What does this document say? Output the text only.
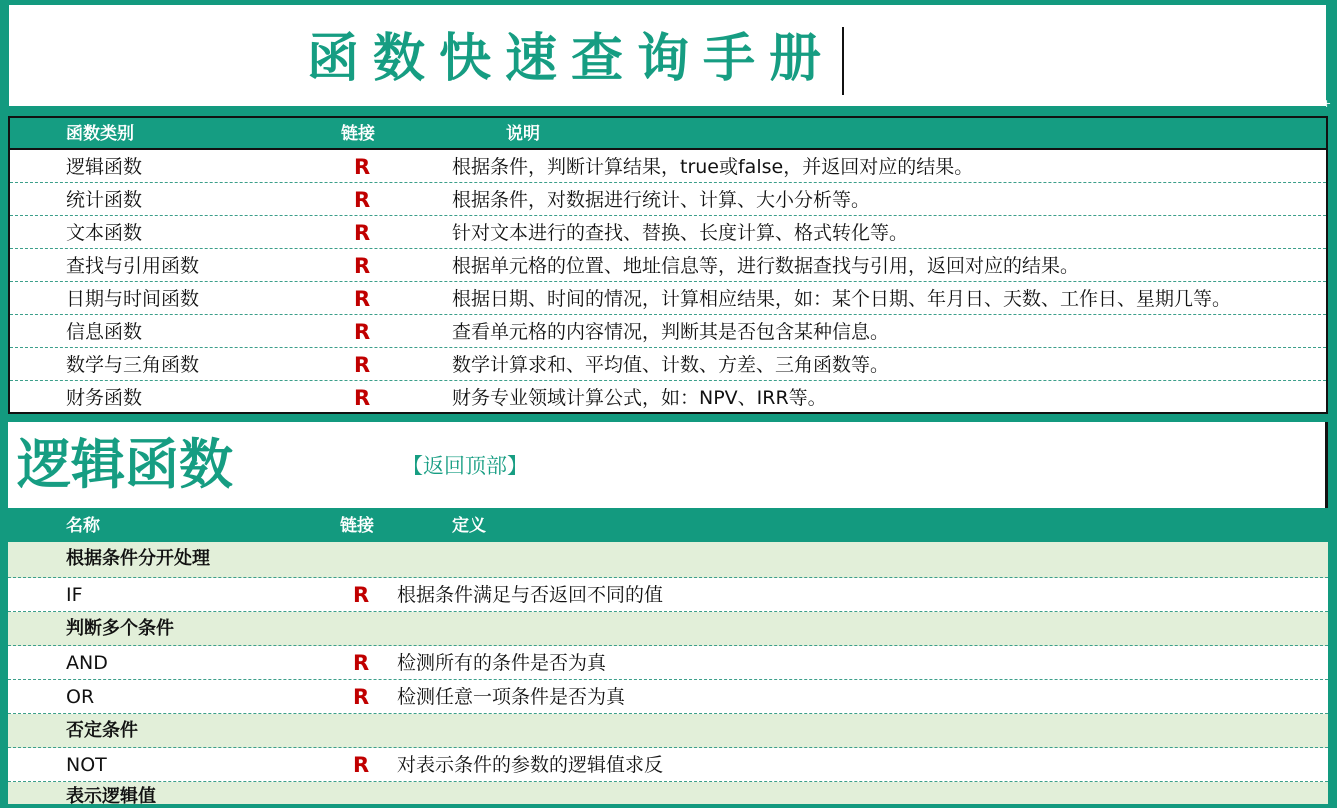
函数快速查询手册
+
函数类别	链接	说明
逻辑函数	R	根据条件，判断计算结果，true或false，并返回对应的结果。
统计函数	R	根据条件，对数据进行统计、计算、大小分析等。
文本函数	R	针对文本进行的查找、替换、长度计算、格式转化等。
查找与引用函数	R	根据单元格的位置、地址信息等，进行数据查找与引用，返回对应的结果。
日期与时间函数	R	根据日期、时间的情况，计算相应结果，如：某个日期、年月日、天数、工作日、星期几等。
信息函数	R	查看单元格的内容情况，判断其是否包含某种信息。
数学与三角函数	R	数学计算求和、平均值、计数、方差、三角函数等。
财务函数	R	财务专业领域计算公式，如：NPV、IRR等。
逻辑函数	【返回顶部】
名称	链接	定义
根据条件分开处理
IF	R 根据条件满足与否返回不同的值
判断多个条件
AND	R 检测所有的条件是否为真
OR	R 检测任意一项条件是否为真
否定条件
NOT	R 对表示条件的参数的逻辑值求反
表示逻辑值
